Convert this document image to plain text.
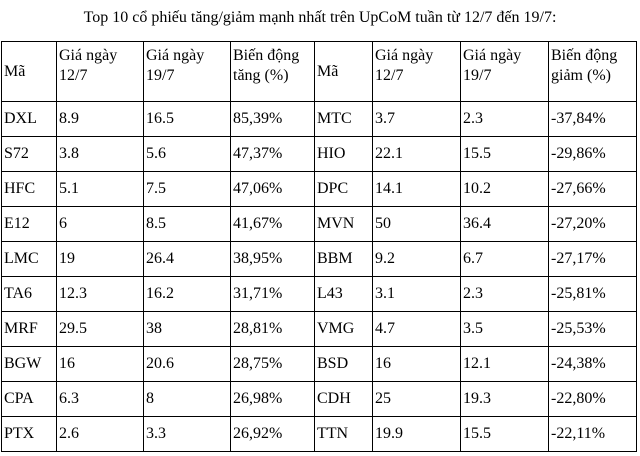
Top 10 cổ phiếu tăng/giảm mạnh nhất trên UpCoM tuần từ 12/7 đến 19/7:
Mã	Giá ngày 12/7	Giá ngày 19/7	Biến động tăng (%)	Mã	Giá ngày 12/7	Giá ngày 19/7	Biến động giảm (%)
DXL	8.9	16.5	85,39%	MTC	3.7	2.3	-37,84%
S72	3.8	5.6	47,37%	HIO	22.1	15.5	-29,86%
HFC	5.1	7.5	47,06%	DPC	14.1	10.2	-27,66%
E12	6	8.5	41,67%	MVN	50	36.4	-27,20%
LMC	19	26.4	38,95%	BBM	9.2	6.7	-27,17%
TA6	12.3	16.2	31,71%	L43	3.1	2.3	-25,81%
MRF	29.5	38	28,81%	VMG	4.7	3.5	-25,53%
BGW	16	20.6	28,75%	BSD	16	12.1	-24,38%
CPA	6.3	8	26,98%	CDH	25	19.3	-22,80%
PTX	2.6	3.3	26,92%	TTN	19.9	15.5	-22,11%
